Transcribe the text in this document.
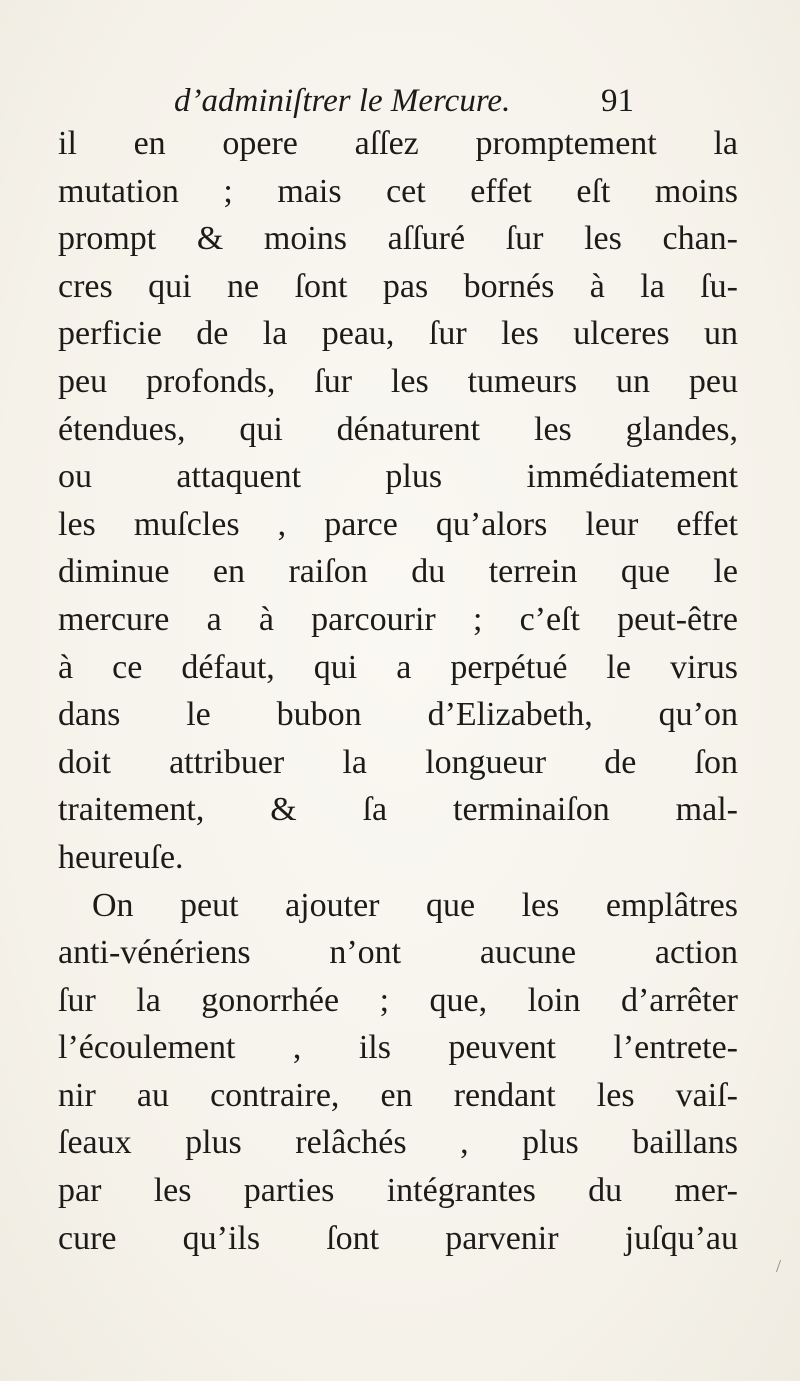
d’adminiſtrer le Mercure.	91
il en opere aſſez promptement la
mutation ; mais cet effet eſt moins
prompt & moins aſſuré ſur les chan-
cres qui ne ſont pas bornés à la ſu-
perficie de la peau, ſur les ulceres un
peu profonds, ſur les tumeurs un peu
étendues, qui dénaturent les glandes,
ou attaquent plus immédiatement
les muſcles , parce qu’alors leur effet
diminue en raiſon du terrein que le
mercure a à parcourir ; c’eſt peut-être
à ce défaut, qui a perpétué le virus
dans le bubon d’Elizabeth, qu’on
doit attribuer la longueur de ſon
traitement, & ſa terminaiſon mal-
heureuſe.
On peut ajouter que les emplâtres
anti-vénériens n’ont aucune action
ſur la gonorrhée ; que, loin d’arrêter
l’écoulement , ils peuvent l’entrete-
nir au contraire, en rendant les vaiſ-
ſeaux plus relâchés , plus baillans
par les parties intégrantes du mer-
cure qu’ils ſont parvenir juſqu’au
/
